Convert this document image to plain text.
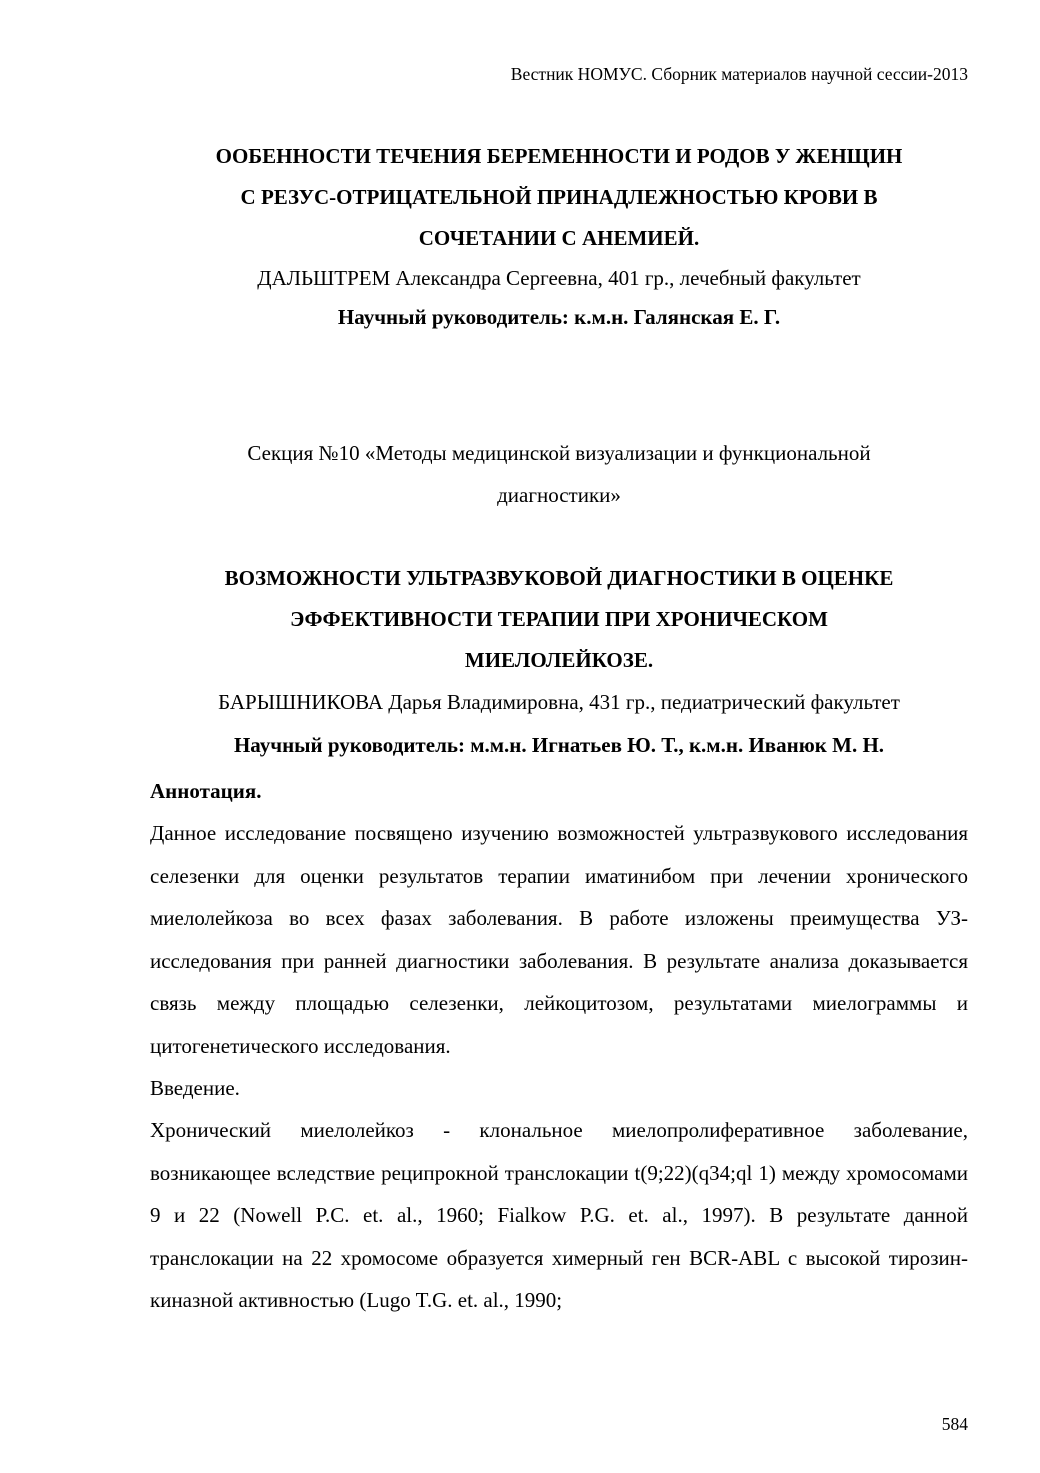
Вестник НОМУС. Сборник материалов научной сессии-2013

ООБЕННОСТИ ТЕЧЕНИЯ БЕРЕМЕННОСТИ И РОДОВ У ЖЕНЩИН

С РЕЗУС-ОТРИЦАТЕЛЬНОЙ ПРИНАДЛЕЖНОСТЬЮ КРОВИ В

СОЧЕТАНИИ С АНЕМИЕЙ.

ДАЛЬШТРЕМ Александра Сергеевна, 401 гр., лечебный факультет

Научный руководитель: к.м.н. Галянская Е. Г.

Секция №10 «Методы медицинской визуализации и функциональной

диагностики»

ВОЗМОЖНОСТИ УЛЬТРАЗВУКОВОЙ ДИАГНОСТИКИ В ОЦЕНКЕ

ЭФФЕКТИВНОСТИ ТЕРАПИИ ПРИ ХРОНИЧЕСКОМ

МИЕЛОЛЕЙКОЗЕ.

БАРЫШНИКОВА Дарья Владимировна, 431 гр., педиатрический факультет

Научный руководитель: м.м.н. Игнатьев Ю. Т., к.м.н. Иванюк М. Н.

Аннотация.

Данное исследование посвящено изучению возможностей ультразвукового исследования селезенки для оценки результатов терапии иматинибом при лечении хронического миелолейкоза во всех фазах заболевания. В работе изложены преимущества УЗ-исследования при ранней диагностики заболевания. В результате анализа доказывается связь между площадью селезенки, лейкоцитозом, результатами миелограммы и цитогенетического исследования.

Введение.

Хронический миелолейкоз - клональное миелопролиферативное заболевание, возникающее вследствие реципрокной транслокации t(9;22)(q34;ql 1) между хромосомами 9 и 22 (Nowell P.C. et. al., 1960; Fialkow P.G. et. al., 1997). В результате данной транслокации на 22 хромосоме образуется химерный ген BCR-ABL с высокой тирозин-киназной активностью (Lugo T.G. et. al., 1990;

584
